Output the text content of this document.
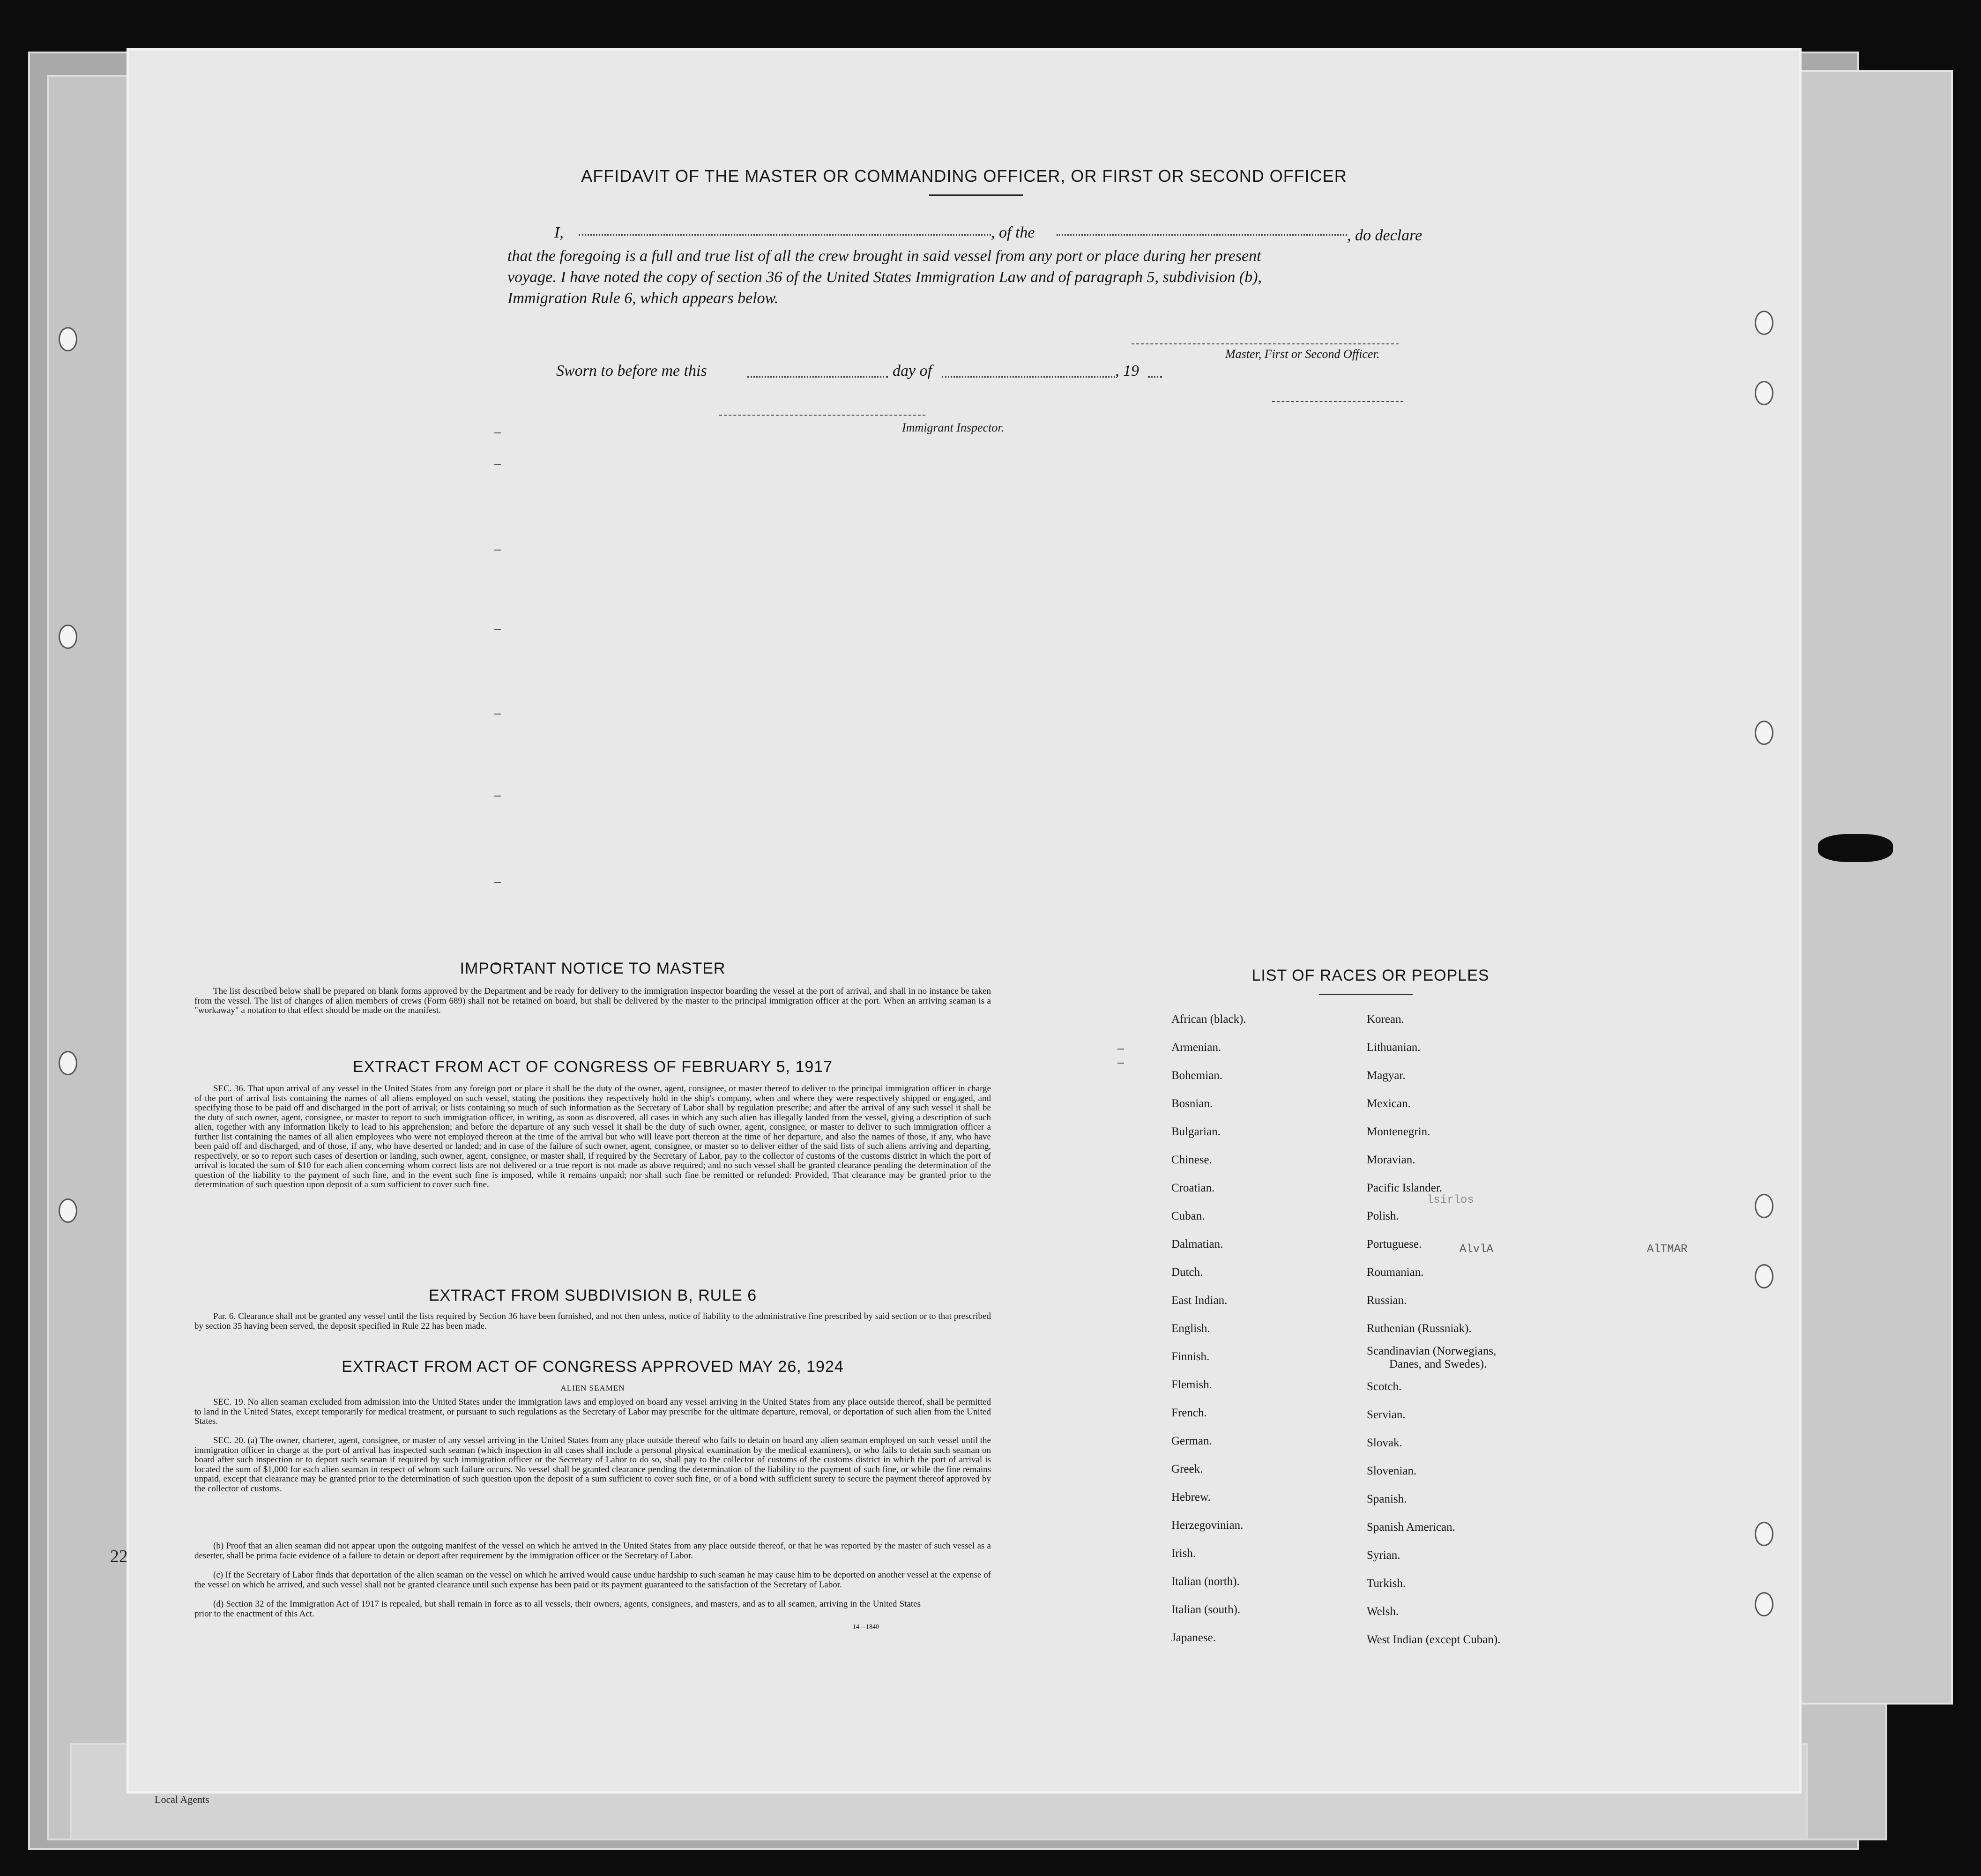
Local Agents
22
AFFIDAVIT OF THE MASTER OR COMMANDING OFFICER, OR FIRST OR SECOND OFFICER
I,	, of the	, do declare
that the foregoing is a full and true list of all the crew brought in said vessel from any port or place during her present
voyage. I have noted the copy of section 36 of the United States Immigration Law and of paragraph 5, subdivision (b),
Immigration Rule 6, which appears below.
Master, First or Second Officer.
Sworn to before me this	day of	, 19
Immigrant Inspector.
IMPORTANT NOTICE TO MASTER
The list described below shall be prepared on blank forms approved by the Department and be ready for delivery to the immigration inspector boarding the vessel at the port of arrival, and shall in no instance be taken from the vessel. The list of changes of alien members of crews (Form 689) shall not be retained on board, but shall be delivered by the master to the principal immigration officer at the port. When an arriving seaman is a "workaway" a notation to that effect should be made on the manifest.
EXTRACT FROM ACT OF CONGRESS OF FEBRUARY 5, 1917
SEC. 36. That upon arrival of any vessel in the United States from any foreign port or place it shall be the duty of the owner, agent, consignee, or master thereof to deliver to the principal immigration officer in charge of the port of arrival lists containing the names of all aliens employed on such vessel, stating the positions they respectively hold in the ship's company, when and where they were respectively shipped or engaged, and specifying those to be paid off and discharged in the port of arrival; or lists containing so much of such information as the Secretary of Labor shall by regulation prescribe; and after the arrival of any such vessel it shall be the duty of such owner, agent, consignee, or master to report to such immigration officer, in writing, as soon as discovered, all cases in which any such alien has illegally landed from the vessel, giving a description of such alien, together with any information likely to lead to his apprehension; and before the departure of any such vessel it shall be the duty of such owner, agent, consignee, or master to deliver to such immigration officer a further list containing the names of all alien employees who were not employed thereon at the time of the arrival but who will leave port thereon at the time of her departure, and also the names of those, if any, who have been paid off and discharged, and of those, if any, who have deserted or landed; and in case of the failure of such owner, agent, consignee, or master so to deliver either of the said lists of such aliens arriving and departing, respectively, or so to report such cases of desertion or landing, such owner, agent, consignee, or master shall, if required by the Secretary of Labor, pay to the collector of customs of the customs district in which the port of arrival is located the sum of $10 for each alien concerning whom correct lists are not delivered or a true report is not made as above required; and no such vessel shall be granted clearance pending the determination of the question of the liability to the payment of such fine, and in the event such fine is imposed, while it remains unpaid; nor shall such fine be remitted or refunded: Provided, That clearance may be granted prior to the determination of such question upon deposit of a sum sufficient to cover such fine.
EXTRACT FROM SUBDIVISION B, RULE 6
Par. 6. Clearance shall not be granted any vessel until the lists required by Section 36 have been furnished, and not then unless, notice of liability to the administrative fine prescribed by said section or to that prescribed by section 35 having been served, the deposit specified in Rule 22 has been made.
EXTRACT FROM ACT OF CONGRESS APPROVED MAY 26, 1924
ALIEN SEAMEN
SEC. 19. No alien seaman excluded from admission into the United States under the immigration laws and employed on board any vessel arriving in the United States from any place outside thereof, shall be permitted to land in the United States, except temporarily for medical treatment, or pursuant to such regulations as the Secretary of Labor may prescribe for the ultimate departure, removal, or deportation of such alien from the United States.
SEC. 20. (a) The owner, charterer, agent, consignee, or master of any vessel arriving in the United States from any place outside thereof who fails to detain on board any alien seaman employed on such vessel until the immigration officer in charge at the port of arrival has inspected such seaman (which inspection in all cases shall include a personal physical examination by the medical examiners), or who fails to detain such seaman on board after such inspection or to deport such seaman if required by such immigration officer or the Secretary of Labor to do so, shall pay to the collector of customs of the customs district in which the port of arrival is located the sum of $1,000 for each alien seaman in respect of whom such failure occurs. No vessel shall be granted clearance pending the determination of the liability to the payment of such fine, or while the fine remains unpaid, except that clearance may be granted prior to the determination of such question upon the deposit of a sum sufficient to cover such fine, or of a bond with sufficient surety to secure the payment thereof approved by the collector of customs.
(b) Proof that an alien seaman did not appear upon the outgoing manifest of the vessel on which he arrived in the United States from any place outside thereof, or that he was reported by the master of such vessel as a deserter, shall be prima facie evidence of a failure to detain or deport after requirement by the immigration officer or the Secretary of Labor.
(c) If the Secretary of Labor finds that deportation of the alien seaman on the vessel on which he arrived would cause undue hardship to such seaman he may cause him to be deported on another vessel at the expense of the vessel on which he arrived, and such vessel shall not be granted clearance until such expense has been paid or its payment guaranteed to the satisfaction of the Secretary of Labor.
(d) Section 32 of the Immigration Act of 1917 is repealed, but shall remain in force as to all vessels, their owners, agents, consignees, and masters, and as to all seamen, arriving in the United States prior to the enactment of this Act.
14—1840
lsirlos
AlvlA	AlTMAR
LIST OF RACES OR PEOPLES
African (black).
Armenian.
Bohemian.
Bosnian.
Bulgarian.
Chinese.
Croatian.
Cuban.
Dalmatian.
Dutch.
East Indian.
English.
Finnish.
Flemish.
French.
German.
Greek.
Hebrew.
Herzegovinian.
Irish.
Italian (north).
Italian (south).
Japanese.
Korean.
Lithuanian.
Magyar.
Mexican.
Montenegrin.
Moravian.
Pacific Islander.
Polish.
Portuguese.
Roumanian.
Russian.
Ruthenian (Russniak).
Scandinavian (Norwegians,
Danes, and Swedes).
Scotch.
Servian.
Slovak.
Slovenian.
Spanish.
Spanish American.
Syrian.
Turkish.
Welsh.
West Indian (except Cuban).
